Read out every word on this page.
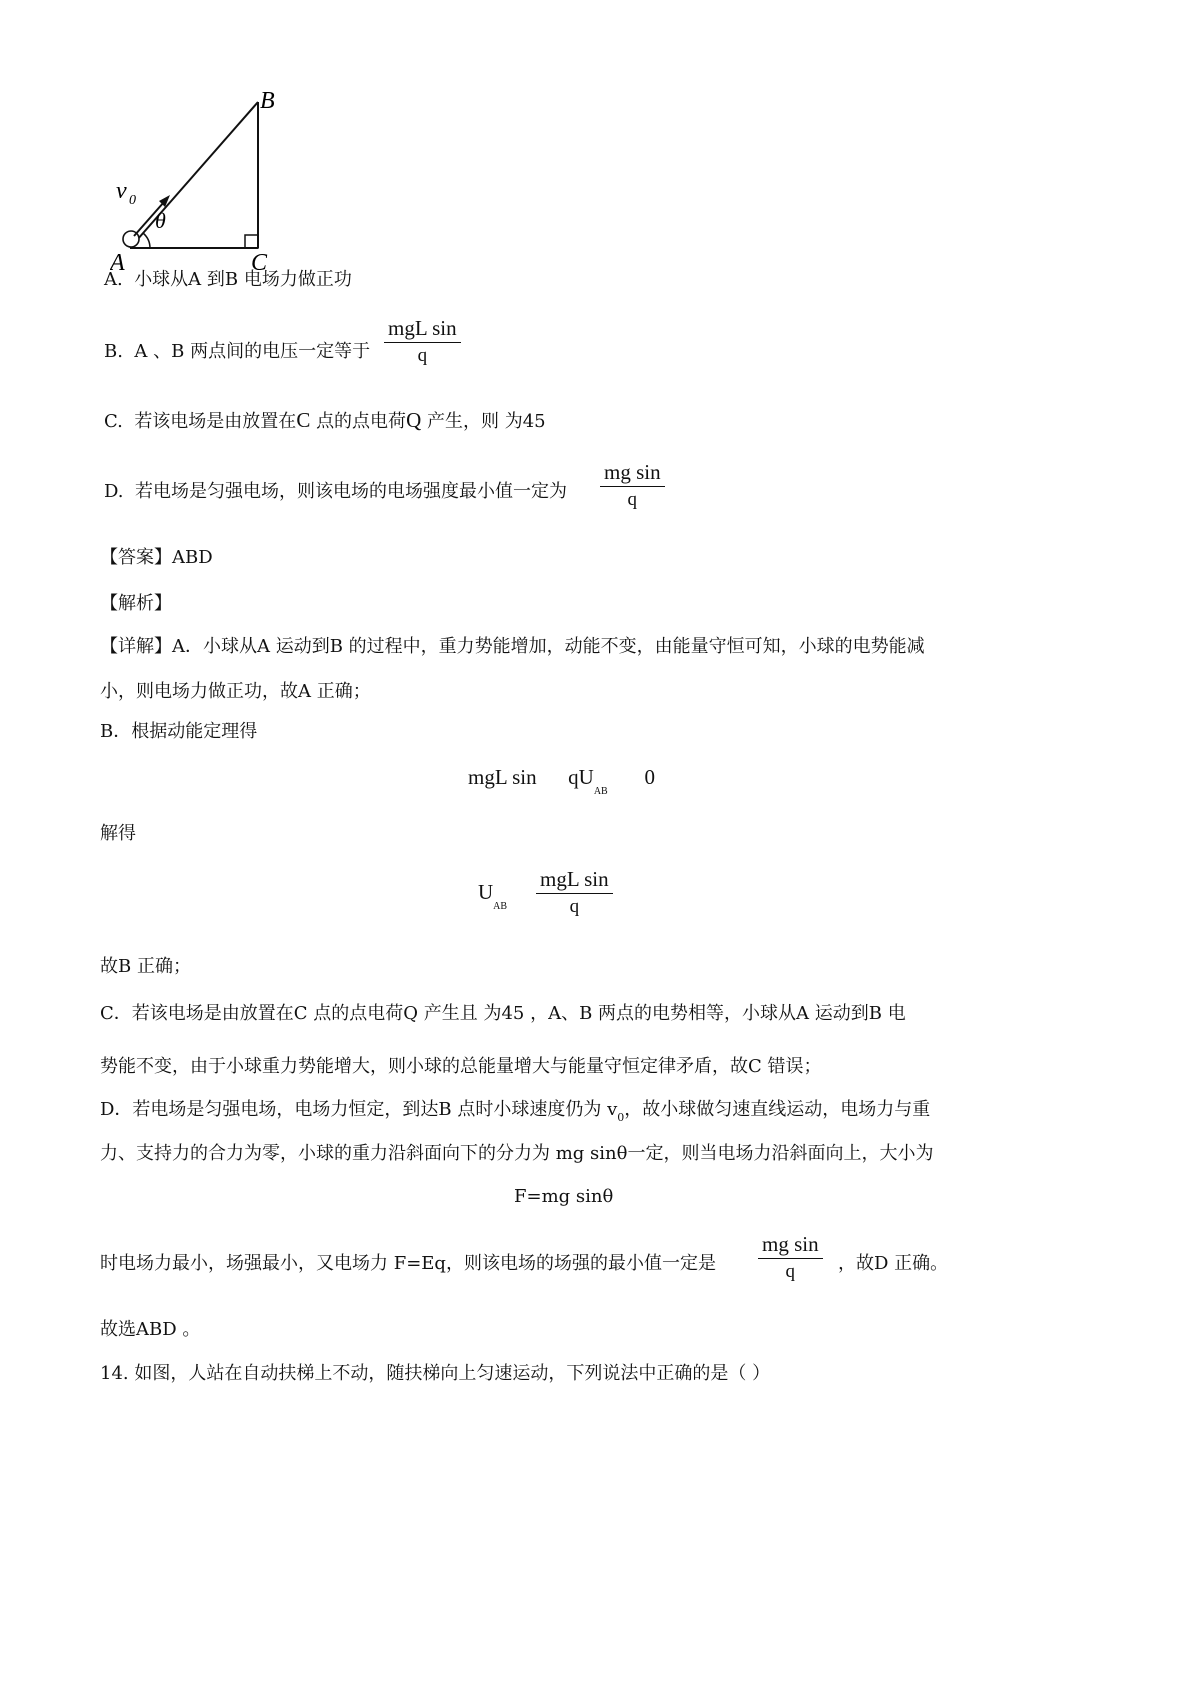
B
v 0
θ
A	C
A. 小球从A 到B 电场力做正功
B. A 、B 两点间的电压一定等于
mgL sin
q
C. 若该电场是由放置在C 点的点电荷Q 产生，则 为45
D. 若电场是匀强电场，则该电场的电场强度最小值一定为
mg sin
q
【答案】ABD
【解析】
【详解】A．小球从A 运动到B 的过程中，重力势能增加，动能不变，由能量守恒可知，小球的电势能减
小，则电场力做正功，故A 正确；
B．根据动能定理得
mgL $\sin qU_{AB}$       0
解得
$U_{AB}$
mgL sin
q
故B 正确；
C．若该电场是由放置在C 点的点电荷Q 产生且 为45 ，A、B 两点的电势相等，小球从A 运动到B 电
势能不变，由于小球重力势能增大，则小球的总能量增大与能量守恒定律矛盾，故C 错误；
D．若电场是匀强电场，电场力恒定，到达B 点时小球速度仍为 $v_0$，故小球做匀速直线运动，电场力与重
力、支持力的合力为零，小球的重力沿斜面向下的分力为 mg sinθ一定，则当电场力沿斜面向上，大小为
F=mg sinθ
时电场力最小，场强最小，又电场力 F=Eq，则该电场的场强的最小值一定是
mg sin
q	，故D 正确。
故选ABD 。
14. 如图，人站在自动扶梯上不动，随扶梯向上匀速运动，下列说法中正确的是（ ）
